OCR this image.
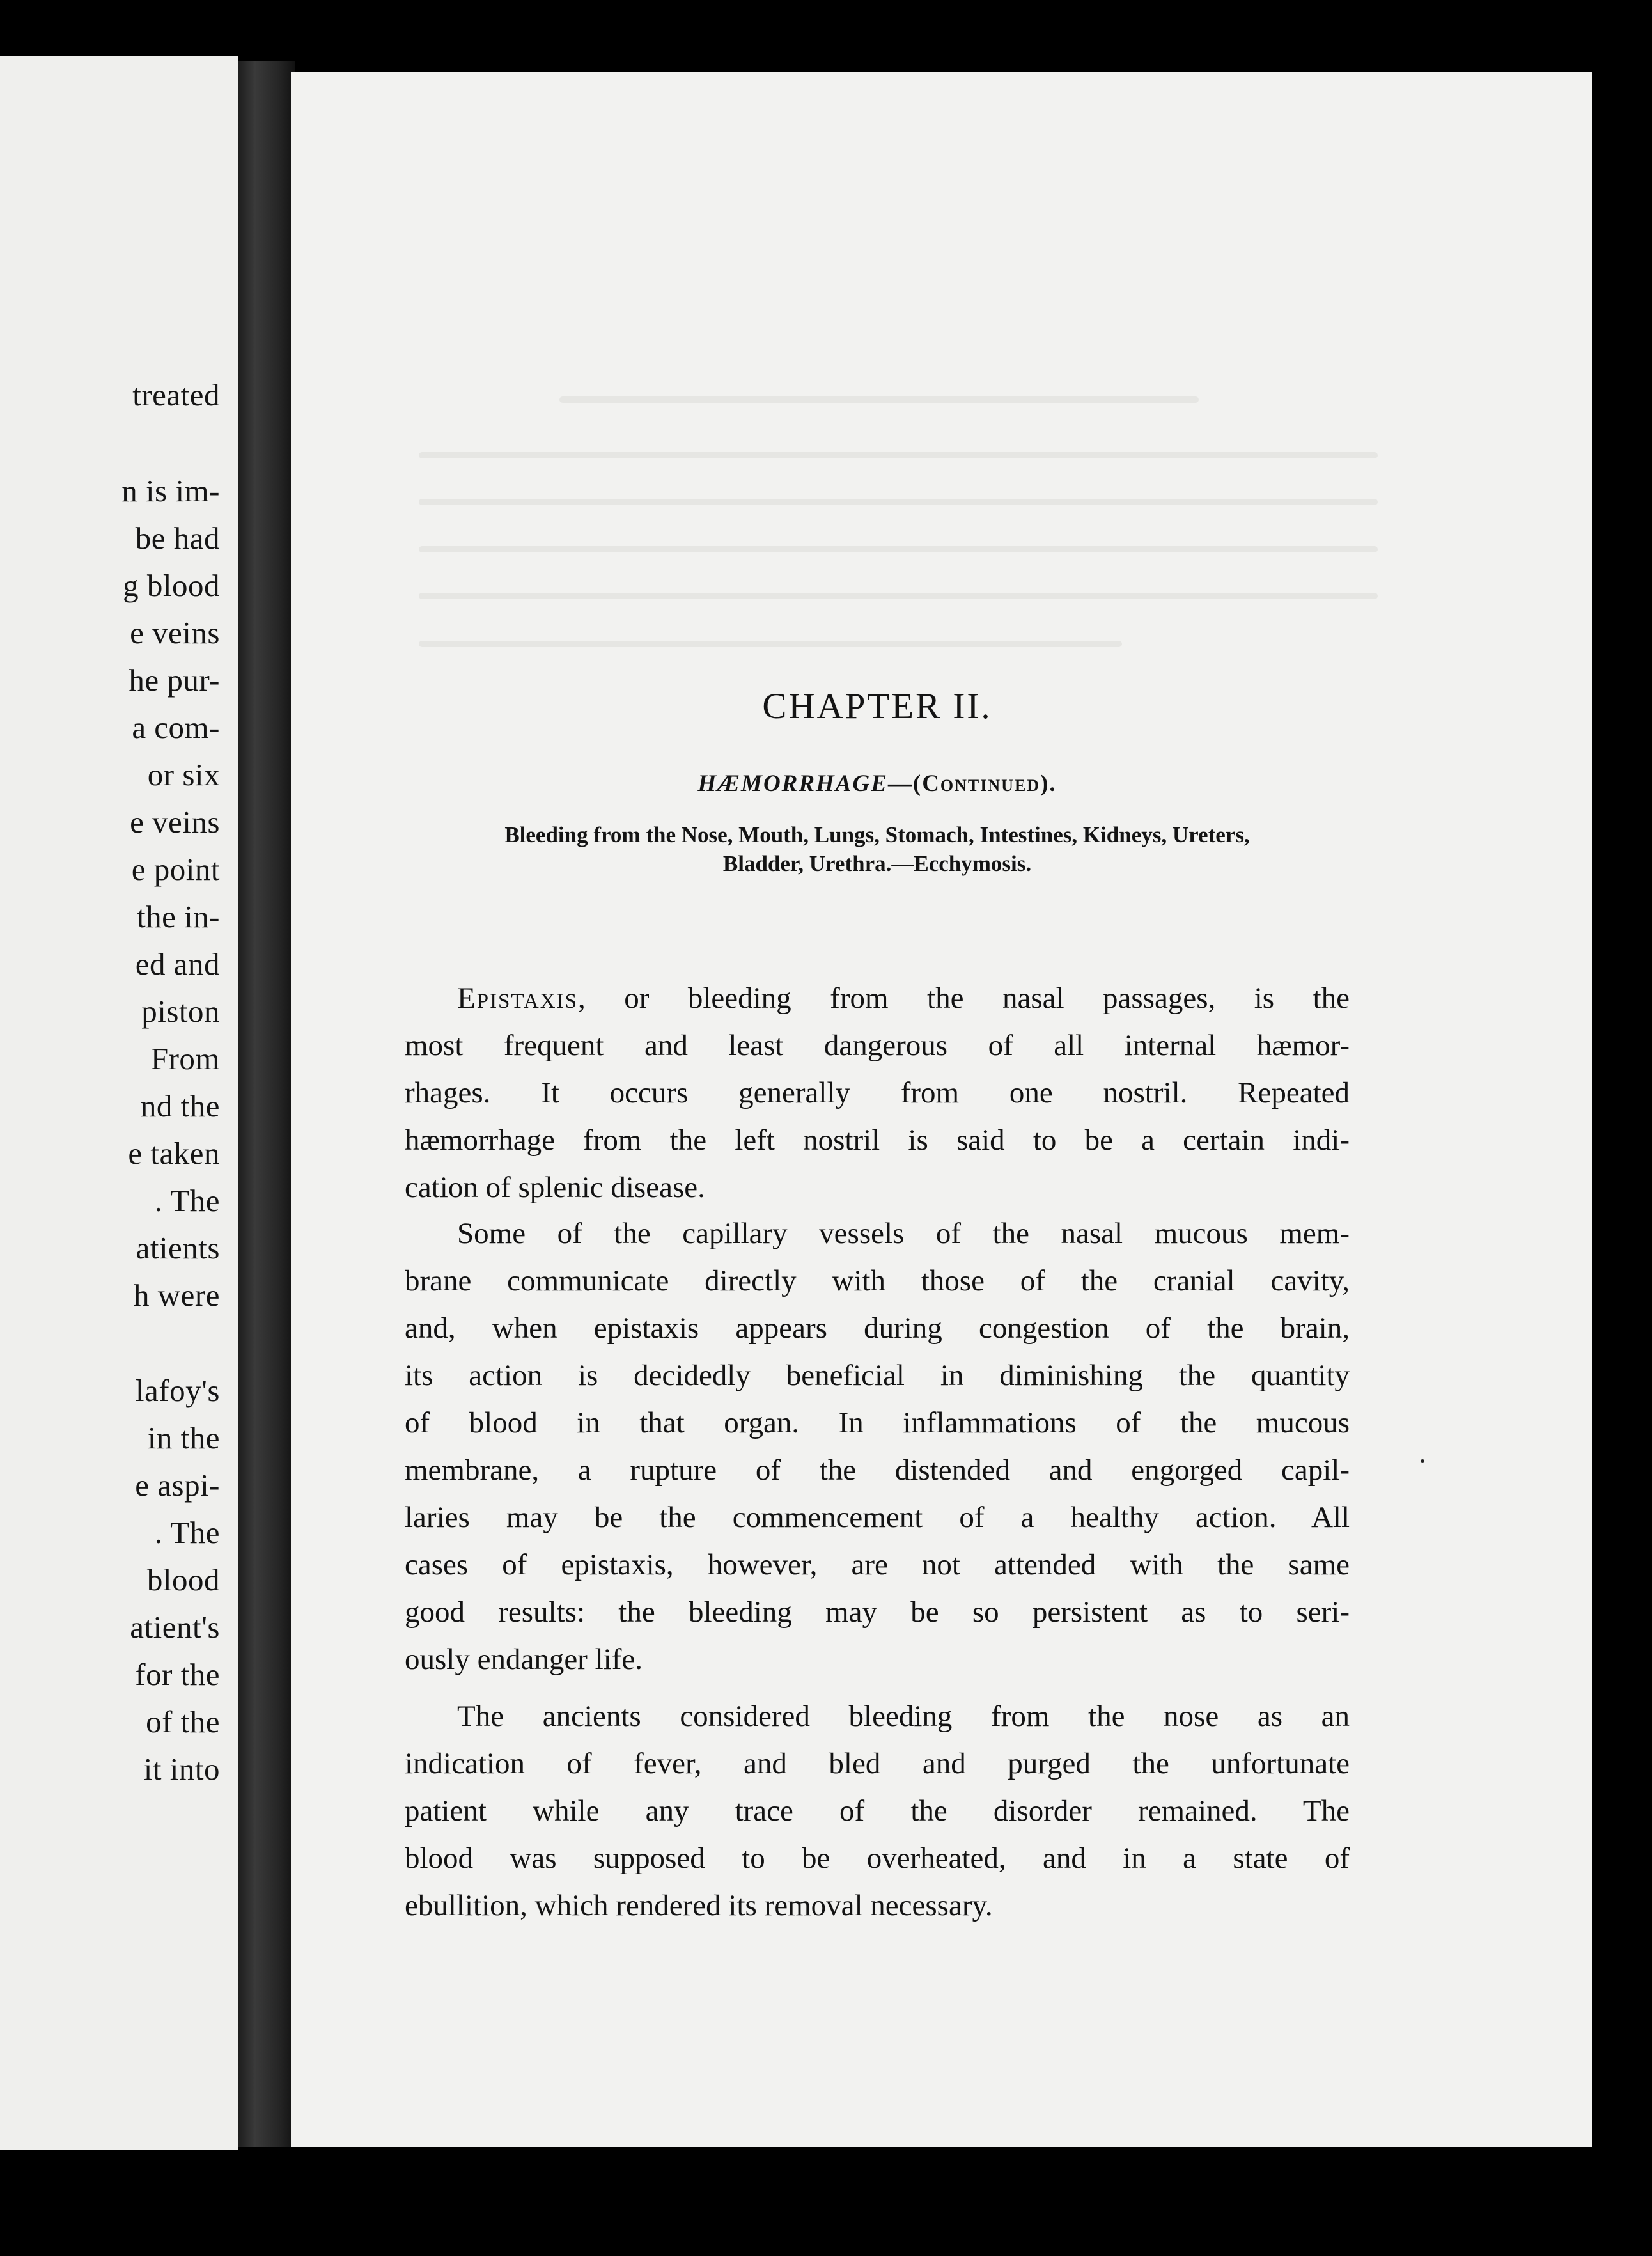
treated
n is im-
be had
g blood
e veins
he pur-
a com-
or six
e veins
e point
the in-
ed and
piston
From
nd the
e taken
. The
atients
h were
lafoy's
in the
e aspi-
. The
blood
atient's
for the
of the
it into
CHAPTER II.
HÆMORRHAGE—(Continued).
Bleeding from the Nose, Mouth, Lungs, Stomach, Intestines, Kidneys, Ureters,
Bladder, Urethra.—Ecchymosis.
Epistaxis, or bleeding from the nasal passages, is the
most frequent and least dangerous of all internal hæmor-
rhages. It occurs generally from one nostril. Repeated
hæmorrhage from the left nostril is said to be a certain indi-
cation of splenic disease.
Some of the capillary vessels of the nasal mucous mem-
brane communicate directly with those of the cranial cavity,
and, when epistaxis appears during congestion of the brain,
its action is decidedly beneficial in diminishing the quantity
of blood in that organ. In inflammations of the mucous
membrane, a rupture of the distended and engorged capil-
laries may be the commencement of a healthy action. All
cases of epistaxis, however, are not attended with the same
good results: the bleeding may be so persistent as to seri-
ously endanger life.
The ancients considered bleeding from the nose as an
indication of fever, and bled and purged the unfortunate
patient while any trace of the disorder remained. The
blood was supposed to be overheated, and in a state of
ebullition, which rendered its removal necessary.
